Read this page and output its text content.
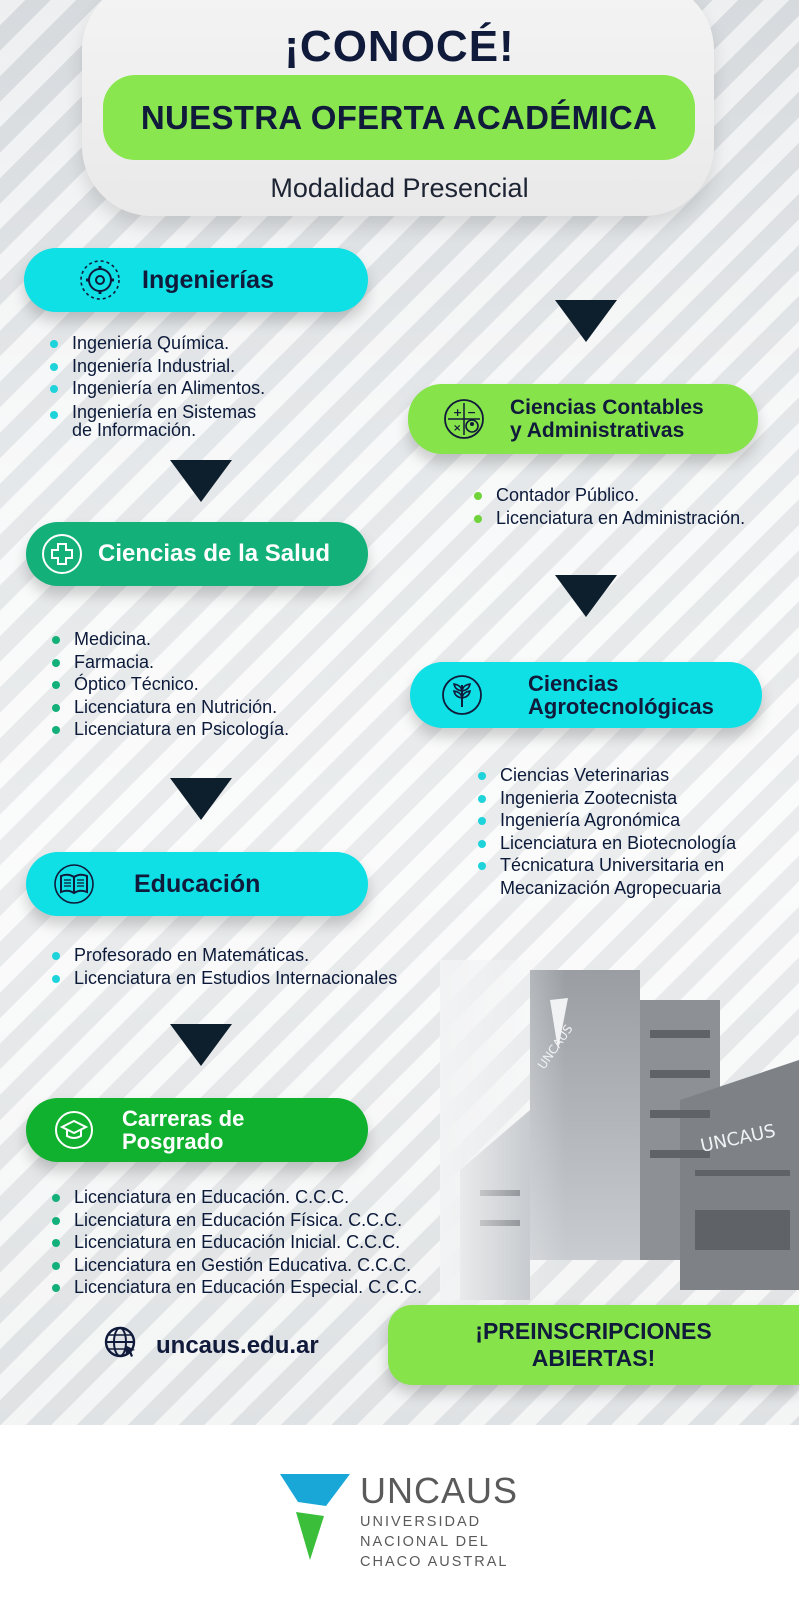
¡CONOCÉ!
NUESTRA OFERTA ACADÉMICA
Modalidad Presencial
Ingenierías
Ingeniería Química.
Ingeniería Industrial.
Ingeniería en Alimentos.
Ingeniería en Sistemas
de Información.
Ciencias de la Salud
Medicina.
Farmacia.
Óptico Técnico.
Licenciatura en Nutrición.
Licenciatura en Psicología.
Educación
Profesorado en Matemáticas.
Licenciatura en Estudios Internacionales
Carreras de
Posgrado
Licenciatura en Educación. C.C.C.
Licenciatura en Educación Física. C.C.C.
Licenciatura en Educación Inicial. C.C.C.
Licenciatura en Gestión Educativa. C.C.C.
Licenciatura en Educación Especial. C.C.C.
+ −
×
Ciencias Contables
y Administrativas
Contador Público.
Licenciatura en Administración.
Ciencias
Agrotecnológicas
Ciencias Veterinarias
Ingenieria Zootecnista
Ingeniería Agronómica
Licenciatura en Biotecnología
Técnicatura Universitaria en
Mecanización Agropecuaria
uncaus.edu.ar
¡PREINSCRIPCIONES
ABIERTAS!
UNCAUS
UNIVERSIDAD
NACIONAL DEL
CHACO AUSTRAL
